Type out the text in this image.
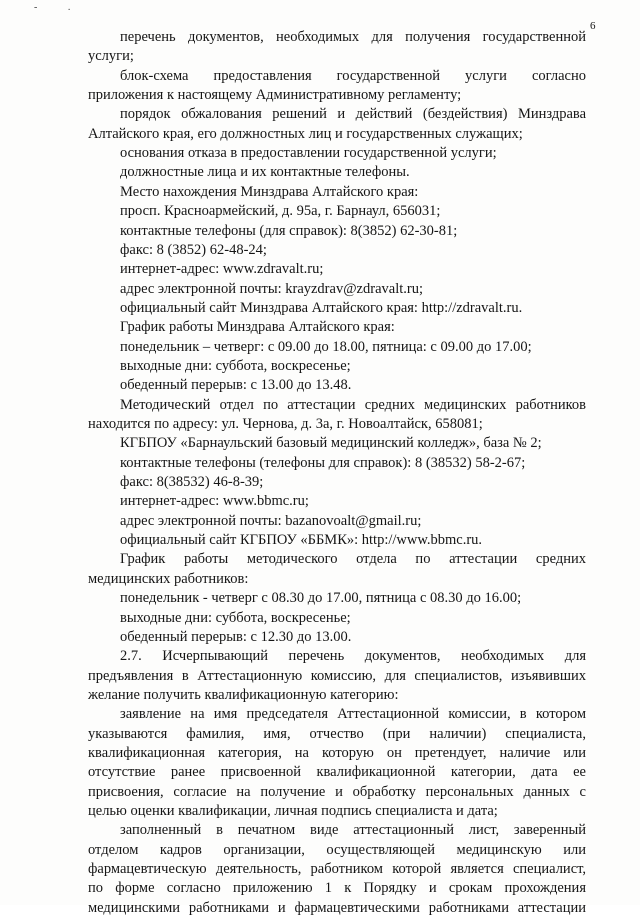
- .
6
перечень документов, необходимых для получения государственной
услуги;
блок-схема предоставления государственной услуги согласно
приложения к настоящему Административному регламенту;
порядок обжалования решений и действий (бездействия) Минздрава
Алтайского края, его должностных лиц и государственных служащих;
основания отказа в предоставлении государственной услуги;
должностные лица и их контактные телефоны.
Место нахождения Минздрава Алтайского края:
просп. Красноармейский, д. 95а, г. Барнаул, 656031;
контактные телефоны (для справок): 8(3852) 62-30-81;
факс: 8 (3852) 62-48-24;
интернет-адрес: www.zdravalt.ru;
адрес электронной почты: krayzdrav@zdravalt.ru;
официальный сайт Минздрава Алтайского края: http://zdravalt.ru.
График работы Минздрава Алтайского края:
понедельник – четверг: с 09.00 до 18.00, пятница: с 09.00 до 17.00;
выходные дни: суббота, воскресенье;
обеденный перерыв: с 13.00 до 13.48.
Методический отдел по аттестации средних медицинских работников
находится по адресу: ул. Чернова, д. 3а, г. Новоалтайск, 658081;
КГБПОУ «Барнаульский базовый медицинский колледж», база № 2;
контактные телефоны (телефоны для справок): 8 (38532) 58-2-67;
факс: 8(38532) 46-8-39;
интернет-адрес: www.bbmc.ru;
адрес электронной почты: bazanovoalt@gmail.ru;
официальный сайт КГБПОУ «ББМК»: http://www.bbmc.ru.
График работы методического отдела по аттестации средних
медицинских работников:
понедельник - четверг с 08.30 до 17.00, пятница с 08.30 до 16.00;
выходные дни: суббота, воскресенье;
обеденный перерыв: с 12.30 до 13.00.
2.7. Исчерпывающий перечень документов, необходимых для
предъявления в Аттестационную комиссию, для специалистов, изъявивших
желание получить квалификационную категорию:
заявление на имя председателя Аттестационной комиссии, в котором
указываются фамилия, имя, отчество (при наличии) специалиста,
квалификационная категория, на которую он претендует, наличие или
отсутствие ранее присвоенной квалификационной категории, дата ее
присвоения, согласие на получение и обработку персональных данных с
целью оценки квалификации, личная подпись специалиста и дата;
заполненный в печатном виде аттестационный лист, заверенный
отделом кадров организации, осуществляющей медицинскую или
фармацевтическую деятельность, работником которой является специалист,
по форме согласно приложению 1 к Порядку и срокам прохождения
медицинскими работниками и фармацевтическими работниками аттестации
